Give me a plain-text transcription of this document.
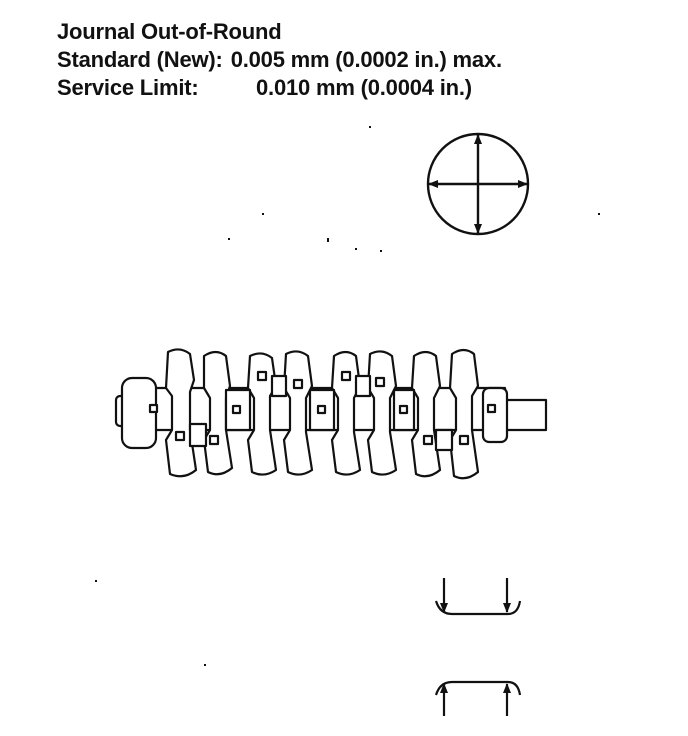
Journal Out-of-Round
Standard (New): 0.005 mm (0.0002 in.) max.
Service Limit:	0.010 mm (0.0004 in.)
